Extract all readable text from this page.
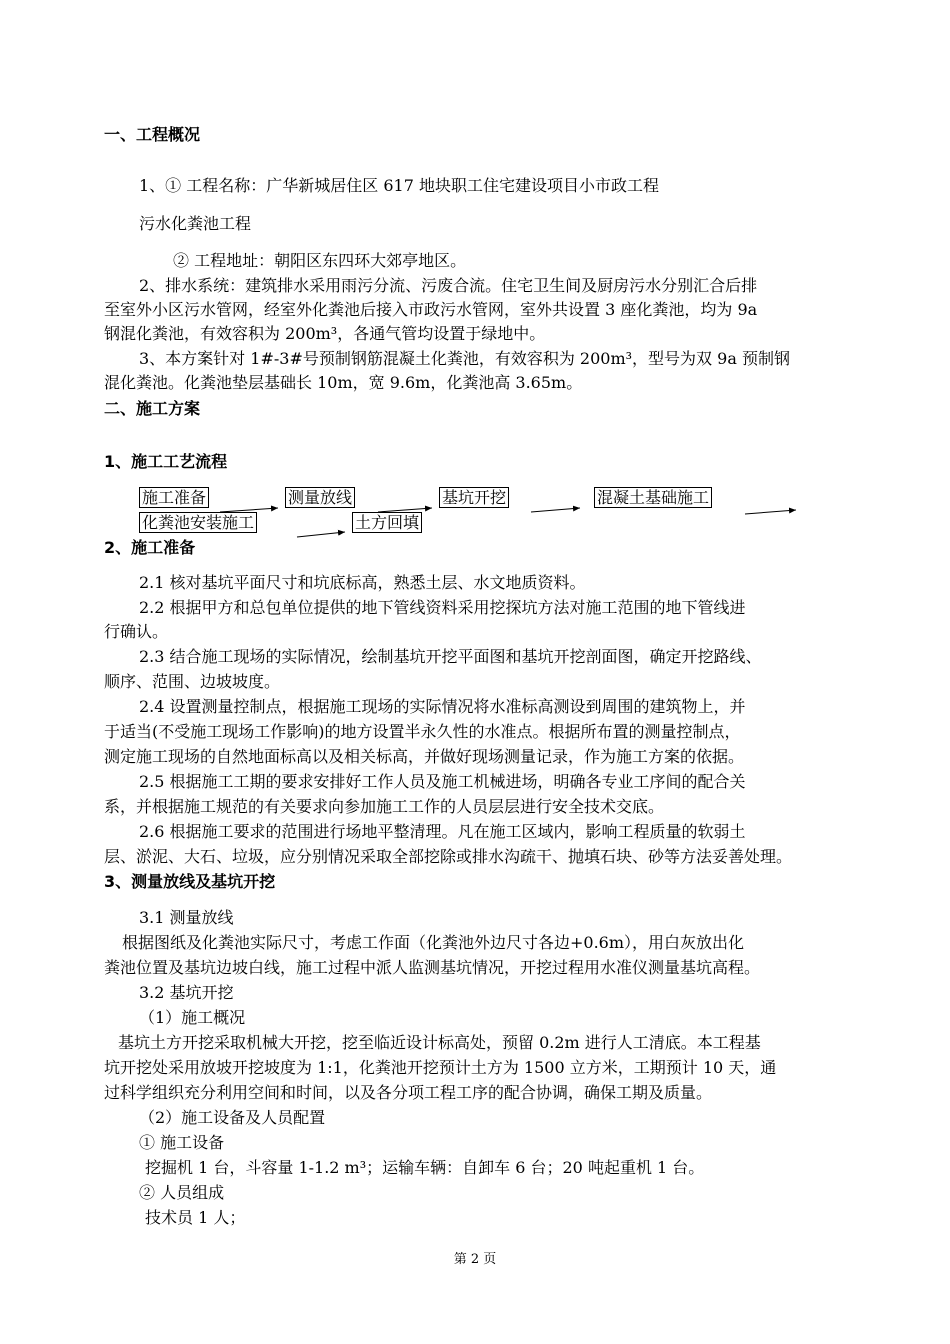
一、工程概况
1、① 工程名称：广华新城居住区 617 地块职工住宅建设项目小市政工程
污水化粪池工程
② 工程地址：朝阳区东四环大郊亭地区。
2、排水系统：建筑排水采用雨污分流、污废合流。住宅卫生间及厨房污水分别汇合后排
至室外小区污水管网，经室外化粪池后接入市政污水管网，室外共设置 3 座化粪池，均为 9a
钢混化粪池，有效容积为 200m³，各通气管均设置于绿地中。
3、本方案针对 1#-3#号预制钢筋混凝土化粪池，有效容积为 200m³，型号为双 9a 预制钢
混化粪池。化粪池垫层基础长 10m，宽 9.6m，化粪池高 3.65m。
二、施工方案
1、施工工艺流程
施工准备	测量放线	基坑开挖	混凝土基础施工
化粪池安装施工	土方回填
2、施工准备
2.1 核对基坑平面尺寸和坑底标高，熟悉土层、水文地质资料。
2.2 根据甲方和总包单位提供的地下管线资料采用挖探坑方法对施工范围的地下管线进
行确认。
2.3 结合施工现场的实际情况，绘制基坑开挖平面图和基坑开挖剖面图，确定开挖路线、
顺序、范围、边坡坡度。
2.4 设置测量控制点，根据施工现场的实际情况将水准标高测设到周围的建筑物上，并
于适当(不受施工现场工作影响)的地方设置半永久性的水准点。根据所布置的测量控制点，
测定施工现场的自然地面标高以及相关标高，并做好现场测量记录，作为施工方案的依据。
2.5 根据施工工期的要求安排好工作人员及施工机械进场，明确各专业工序间的配合关
系，并根据施工规范的有关要求向参加施工工作的人员层层进行安全技术交底。
2.6 根据施工要求的范围进行场地平整清理。凡在施工区域内，影响工程质量的软弱土
层、淤泥、大石、垃圾，应分别情况采取全部挖除或排水沟疏干、抛填石块、砂等方法妥善处理。
3、测量放线及基坑开挖
3.1 测量放线
根据图纸及化粪池实际尺寸，考虑工作面（化粪池外边尺寸各边+0.6m），用白灰放出化
粪池位置及基坑边坡白线，施工过程中派人监测基坑情况，开挖过程用水准仪测量基坑高程。
3.2 基坑开挖
（1）施工概况
基坑土方开挖采取机械大开挖，挖至临近设计标高处，预留 0.2m 进行人工清底。本工程基
坑开挖处采用放坡开挖坡度为 1:1，化粪池开挖预计土方为 1500 立方米，工期预计 10 天，通
过科学组织充分利用空间和时间，以及各分项工程工序的配合协调，确保工期及质量。
（2）施工设备及人员配置
① 施工设备
挖掘机 1 台，斗容量 1-1.2 m³；运输车辆：自卸车 6 台；20 吨起重机 1 台。
② 人员组成
技术员 1 人；
第 2 页
